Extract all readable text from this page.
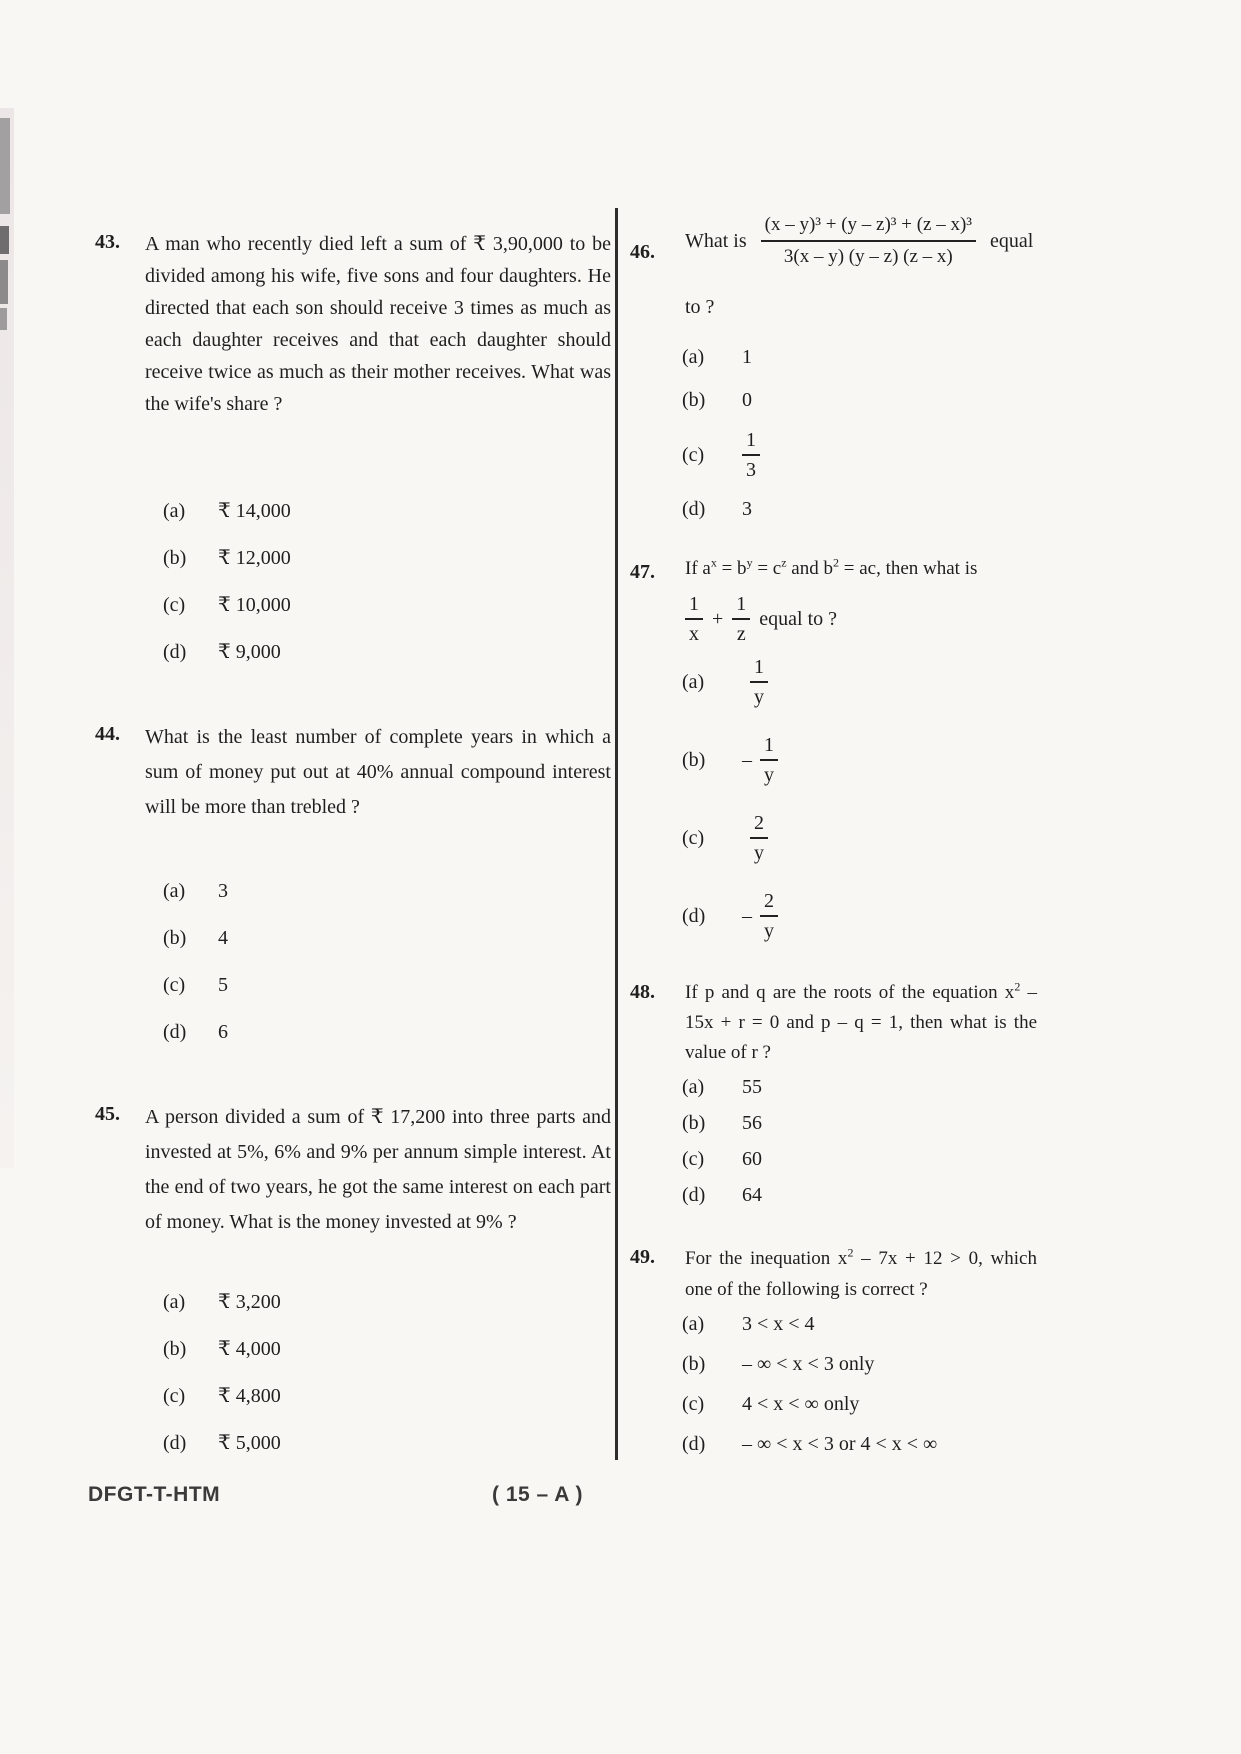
43. A man who recently died left a sum of ₹ 3,90,000 to be divided among his wife, five sons and four daughters. He directed that each son should receive 3 times as much as each daughter receives and that each daughter should receive twice as much as their mother receives. What was the wife's share ?

(a)	₹ 14,000
(b)	₹ 12,000
(c)	₹ 10,000
(d)	₹ 9,000
44. What is the least number of complete years in which a sum of money put out at 40% annual compound interest will be more than trebled ?

(a)	3
(b)	4
(c)	5
(d)	6
45. A person divided a sum of ₹ 17,200 into three parts and invested at 5%, 6% and 9% per annum simple interest. At the end of two years, he got the same interest on each part of money. What is the money invested at 9% ?

(a)	₹ 3,200
(b)	₹ 4,000
(c)	₹ 4,800
(d)	₹ 5,000
46.
What is $\frac{\text{(x – y)³ + (y – z)³ + (z – x)³}}{3(x - y) (y - z) (z - x)}$ equal
to ?
(a)	1
(b)	0
(c)	$\frac{1}{3}$
(d)	3
47. If $a^x = b^y = c^z$ and $b^2$ = ac, then what is
$\frac{1}{x} + \frac{1}{z}$ equal to ?
(a)	$\frac{1}{y}$
(b)	– $\frac{1}{y}$
(c)	$\frac{2}{y}$
(d)	– $\frac{2}{y}$
48. If p and q are the roots of the equation $x^2 - 15x + r = 0$ and p – q = 1, then what is the value of r ?

(a)	55
(b)	56
(c)	60
(d)	64
49. For the inequation $x^2 - 7x + 12 > 0$, which one of the following is correct ?

(a)	3 < x < 4
(b)	– ∞ < x < 3 only
(c)	4 < x < ∞ only
(d)	– ∞ < x < 3 or 4 < x < ∞
DFGT-T-HTM	( 15 – A )
